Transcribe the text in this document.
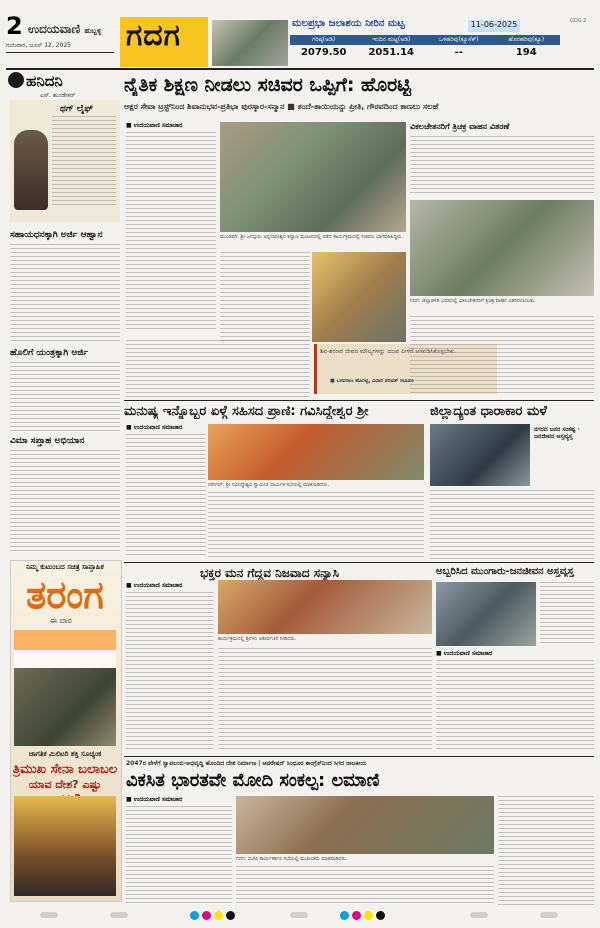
2 ಉದಯವಾಣಿ ಹುಬ್ಬಳ್ಳಿ
ಗುರುವಾರ, ಜೂನ್ 12, 2025	ಗದಗ	ಮಲಪ್ರಭಾ ಜಲಾಶಯ ನೀರಿನ ಮಟ್ಟ	11-06-2025	GDG 2
ಗರಿಷ್ಠ(ಅಡಿ)	ಇಂದಿನ ಮಟ್ಟ(ಅಡಿ)	ಒಳಹರಿವು(ಕ್ಯೂಸೆಕ್)	ಹೊರಹರಿವು(ಕ್ಯೂ)
2079.50	2051.14	--	194
ಹನಿದನಿ
ಎಸ್. ಹುಂಡೇಕರ್
ಥಗ್ ಲೈಫ್
ಸಹಾಯಧನಕ್ಕಾಗಿ ಅರ್ಜಿ ಆಹ್ವಾನ
ಹೊಲಿಗೆ ಯಂತ್ರಕ್ಕಾಗಿ ಅರ್ಜಿ
ವಿಮಾ ಸಪ್ತಾಹ ಅಭಿಯಾನ
ನೈತಿಕ ಶಿಕ್ಷಣ ನೀಡಲು ಸಚಿವರ ಒಪ್ಪಿಗೆ: ಹೊರಟ್ಟಿ
ಅಕ್ಷರ ಸೇವಾ ಟ್ರಸ್ಟ್‌ನಿಂದ ಶಿವಾನುಭವ-ಪ್ರತಿಭಾ ಪುರಸ್ಕಾರ-ಸನ್ಮಾನ ■ ತಂದೆ-ತಾಯಿಯನ್ನು ಪ್ರೀತಿ, ಗೌರವದಿಂದ ಕಾಣಲು ಸಲಹೆ
■ ಉದಯವಾಣಿ ಸಮಾಚಾರ
ಮುಂಡರಗಿ: ಶ್ರೀ ಜಗದ್ಗುರು ಅನ್ನದಾನೀಶ್ವರ ಕಲ್ಯಾಣ ಮಂಟಪದಲ್ಲಿ ನಡೆದ ಕಾರ್ಯಕ್ರಮದಲ್ಲಿ ಸಚಿವರು ಭಾಗವಹಿಸಿದ್ದರು.
ಶಿವ-ಶರಣರ ಜೀವನ ಮೌಲ್ಯಗಳನ್ನು ಯುವ ಪೀಳಿಗೆ ಅಳವಡಿಸಿಕೊಳ್ಳಬೇಕು.
■ ಬಸವರಾಜ ಹೊರಟ್ಟಿ, ವಿಧಾನ ಪರಿಷತ್ ಸಭಾಪತಿ
ವಿಕಲಚೇತನರಿಗೆ ತ್ರಿಚಕ್ರ ವಾಹನ ವಿತರಣೆ
ಗದಗ: ಜಿಲ್ಲಾಡಳಿತ ಭವನದಲ್ಲಿ ವಿಕಲಚೇತನರಿಗೆ ತ್ರಿಚಕ್ರ ವಾಹನ ವಿತರಿಸಲಾಯಿತು.
ಮನುಷ್ಯ ಇನ್ನೊಬ್ಬರ ಏಳ್ಗೆ ಸಹಿಸದ ಪ್ರಾಣಿ: ಗವಿಸಿದ್ಧೇಶ್ವರ ಶ್ರೀ
■ ಉದಯವಾಣಿ ಸಮಾಚಾರ
ನರೇಗಲ್: ಶ್ರೀ ಗವಿಸಿದ್ಧೇಶ್ವರ ಸ್ವಾಮೀಜಿ ಧಾರ್ಮಿಕ ಸಭೆಯಲ್ಲಿ ಮಾತನಾಡಿದರು.
ಜಿಲ್ಲಾದ್ಯಂತ ಧಾರಾಕಾರ ಮಳೆ
ನಗರದ ಜನರ ಸಂಕಷ್ಟ · ಜನಜೀವನ ಅಸ್ತವ್ಯಸ್ತ
ಭಕ್ತರ ಮನ ಗೆದ್ದವ ನಿಜವಾದ ಸನ್ಯಾಸಿ
■ ಉದಯವಾಣಿ ಸಮಾಚಾರ
ಕಾರ್ಯಕ್ರಮದಲ್ಲಿ ಶ್ರೀಗಳು ಆಶೀರ್ವಚನ ನೀಡಿದರು.
ಅಬ್ಬರಿಸಿದ ಮುಂಗಾರು-ಜನಜೀವನ ಅಸ್ತವ್ಯಸ್ತ
■ ಉದಯವಾಣಿ ಸಮಾಚಾರ
2047ರ ವೇಳೆಗೆ ಸ್ವಾವಲಂಬಿ-ಅಭಿವೃದ್ಧಿ ಹೊಂದಿದ ದೇಶ ನಿರ್ಮಾಣ | ಆಪರೇಷನ್ ಸಿಂಧೂರ ಕಾಂಗ್ರೆಸ್‌ನಿಂದ ಸಿಗದ ರಾಜಕೀಯ
ವಿಕಸಿತ ಭಾರತವೇ ಮೋದಿ ಸಂಕಲ್ಪ: ಲಮಾಣಿ
■ ಉದಯವಾಣಿ ಸಮಾಚಾರ
ಗದಗ: ಬಿಜೆಪಿ ಕಾರ್ಯಕರ್ತರ ಸಭೆಯಲ್ಲಿ ಮುಖಂಡರು ಮಾತನಾಡಿದರು.
ನಿಮ್ಮ ಕುಟುಂಬದ ಸಚಿತ್ರ ಸಾಪ್ತಾಹಿಕ
ತರಂಗ
ಈ ವಾರ
ಜಾಗತಿಕ ಮಿಲಿಟರಿ ಶಕ್ತಿ ಸೂಚ್ಯಂಕ
ತ್ರಿಮುಖ ಸೇನಾ ಬಲಾಬಲ
ಯಾವ ದೇಶ? ಎಷ್ಟು
